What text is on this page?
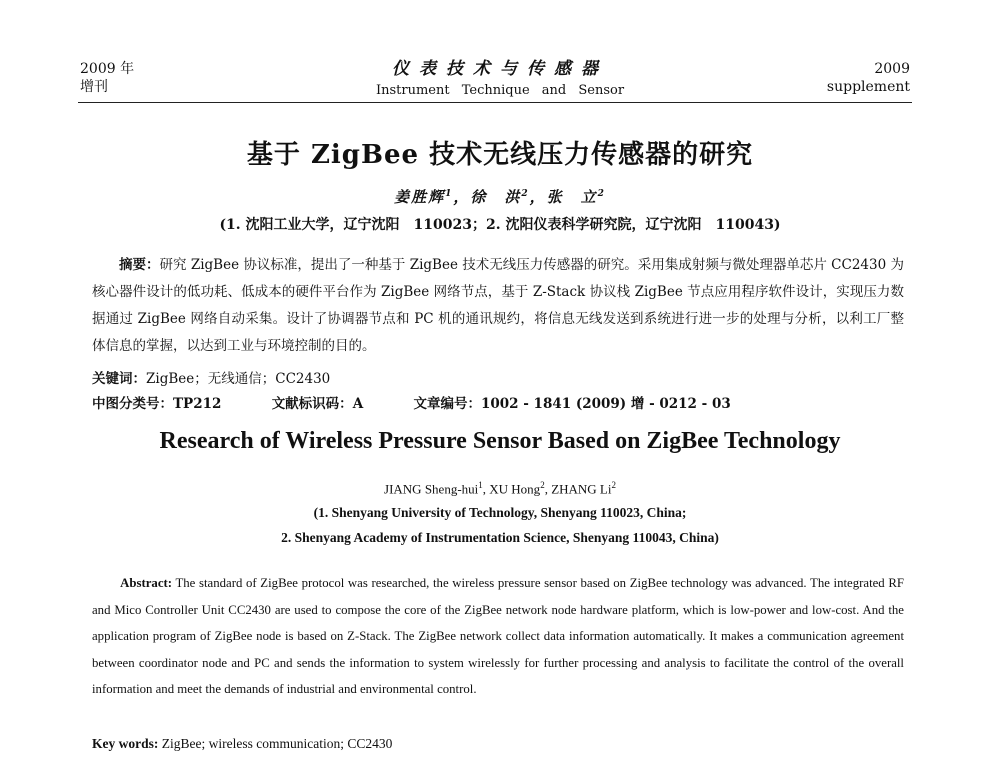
2009 年
增刊
仪表技术与传感器
Instrument Technique and Sensor
2009
supplement
基于 ZigBee 技术无线压力传感器的研究
姜胜辉$^1$，徐　洪$^2$，张　立$^2$
(1. 沈阳工业大学，辽宁沈阳　110023；2. 沈阳仪表科学研究院，辽宁沈阳　110043)
摘要：研究 ZigBee 协议标准，提出了一种基于 ZigBee 技术无线压力传感器的研究。采用集成射频与微处理器单芯片 CC2430 为核心器件设计的低功耗、低成本的硬件平台作为 ZigBee 网络节点，基于 Z-Stack 协议栈 ZigBee 节点应用程序软件设计，实现压力数据通过 ZigBee 网络自动采集。设计了协调器节点和 PC 机的通讯规约，将信息无线发送到系统进行进一步的处理与分析，以利工厂整体信息的掌握，以达到工业与环境控制的目的。
关键词：ZigBee；无线通信；CC2430
中图分类号：TP212	文献标识码：A	文章编号：1002 - 1841 (2009) 增 - 0212 - 03
Research of Wireless Pressure Sensor Based on ZigBee Technology
JIANG Sheng-hui$^1$, XU Hong$^2$, ZHANG Li$^2$
(1. Shenyang University of Technology, Shenyang 110023, China;
2. Shenyang Academy of Instrumentation Science, Shenyang 110043, China)
Abstract: The standard of ZigBee protocol was researched, the wireless pressure sensor based on ZigBee technology was advanced. The integrated RF and Mico Controller Unit CC2430 are used to compose the core of the ZigBee network node hardware platform, which is low-power and low-cost. And the application program of ZigBee node is based on Z-Stack. The ZigBee network collect data information automatically. It makes a communication agreement between coordinator node and PC and sends the information to system wirelessly for further processing and analysis to facilitate the control of the overall information and meet the demands of industrial and environmental control.
Key words: ZigBee; wireless communication; CC2430
